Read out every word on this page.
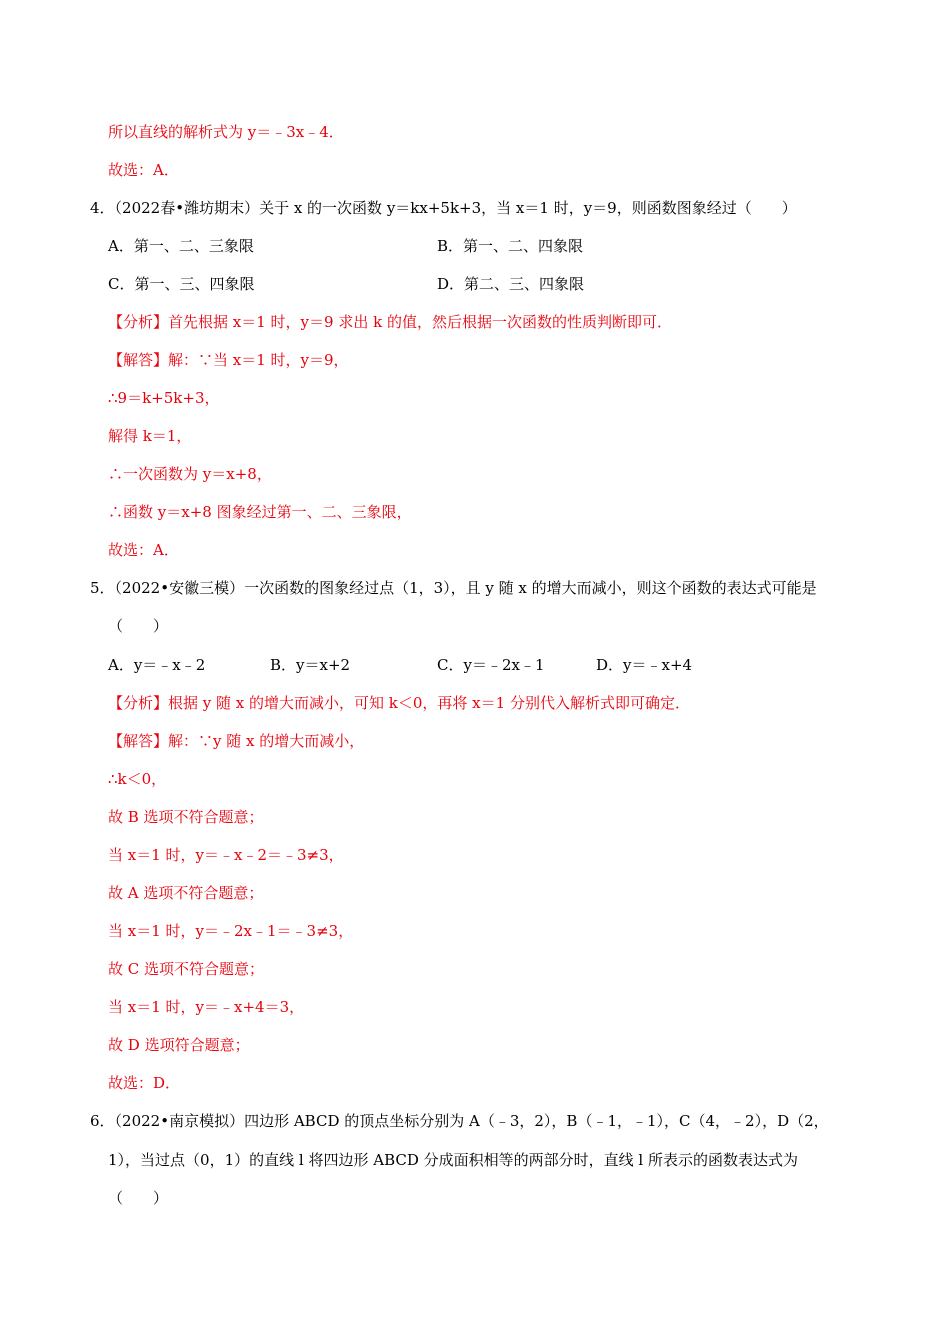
所以直线的解析式为 y＝﹣3x﹣4．
故选：A．
4．（2022春•潍坊期末）关于 x 的一次函数 y＝kx+5k+3，当 x＝1 时，y＝9，则函数图象经过（　　）
A．第一、二、三象限	B．第一、二、四象限
C．第一、三、四象限	D．第二、三、四象限
【分析】首先根据 x＝1 时，y＝9 求出 k 的值，然后根据一次函数的性质判断即可．
【解答】解：∵当 x＝1 时，y＝9，
∴9＝k+5k+3，
解得 k＝1，
∴一次函数为 y＝x+8，
∴函数 y＝x+8 图象经过第一、二、三象限，
故选：A．
5．（2022•安徽三模）一次函数的图象经过点（1，3），且 y 随 x 的增大而减小，则这个函数的表达式可能是
（　　）
A．y＝﹣x﹣2	B．y＝x+2	C．y＝﹣2x﹣1	D．y＝﹣x+4
【分析】根据 y 随 x 的增大而减小，可知 k＜0，再将 x＝1 分别代入解析式即可确定．
【解答】解：∵y 随 x 的增大而减小，
∴k＜0，
故 B 选项不符合题意；
当 x＝1 时，y＝﹣x﹣2＝﹣3≠3，
故 A 选项不符合题意；
当 x＝1 时，y＝﹣2x﹣1＝﹣3≠3，
故 C 选项不符合题意；
当 x＝1 时，y＝﹣x+4＝3，
故 D 选项符合题意；
故选：D．
6．（2022•南京模拟）四边形 ABCD 的顶点坐标分别为 A（﹣3，2），B（﹣1，﹣1），C（4，﹣2），D（2，
1），当过点（0，1）的直线 l 将四边形 ABCD 分成面积相等的两部分时，直线 l 所表示的函数表达式为
（　　）
